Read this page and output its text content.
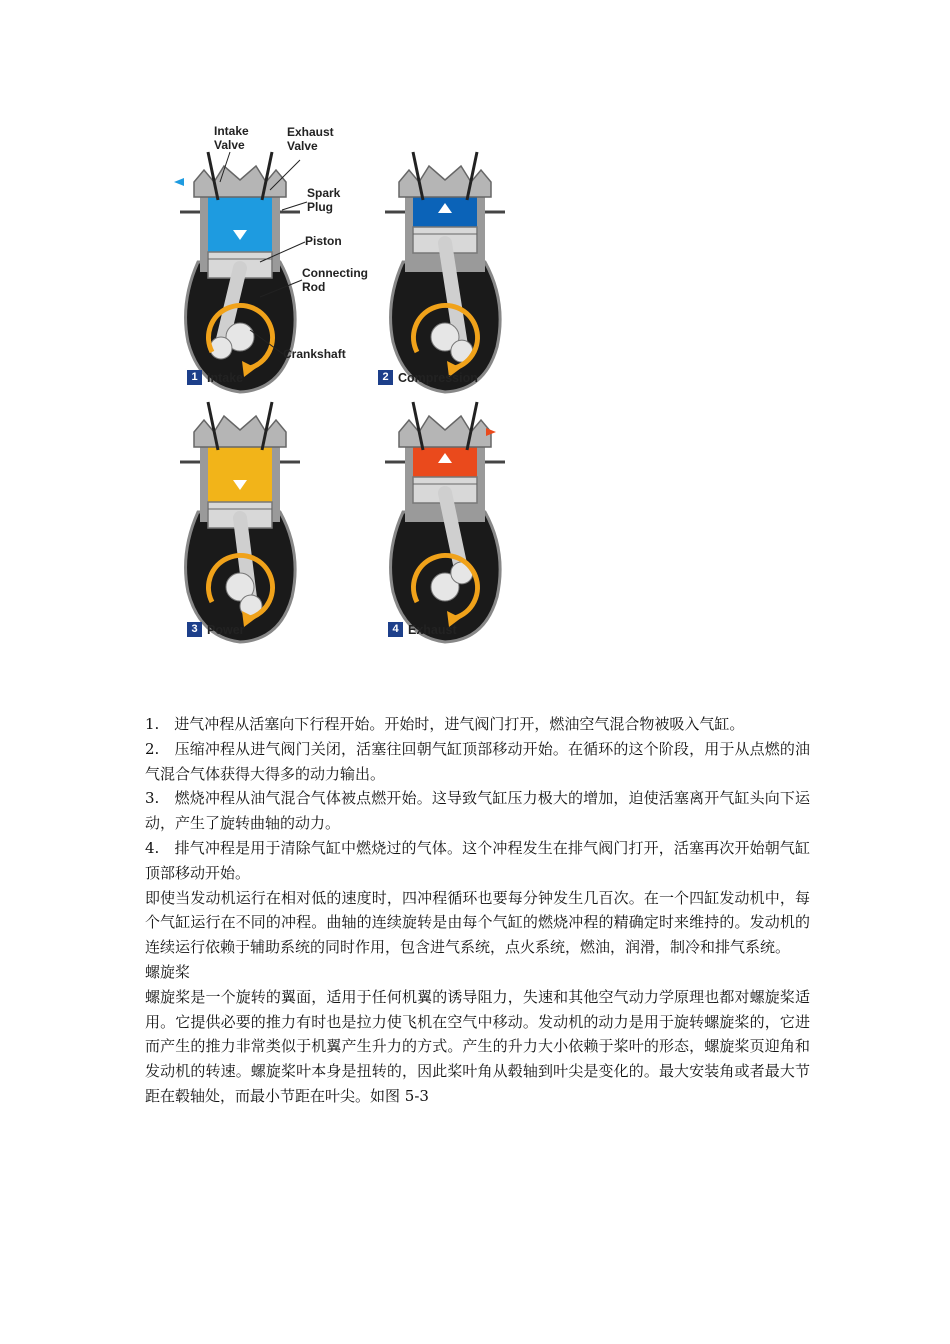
Intake
Valve
Exhaust
Valve
Spark
Plug
Piston
Connecting
Rod
Crankshaft
1 Intake	2 Compression
3 Power	4 Exhaust

1.　进气冲程从活塞向下行程开始。开始时，进气阀门打开，燃油空气混合物被吸入气缸。

2.　压缩冲程从进气阀门关闭，活塞往回朝气缸顶部移动开始。在循环的这个阶段，用于从点燃的油气混合气体获得大得多的动力输出。

3.　燃烧冲程从油气混合气体被点燃开始。这导致气缸压力极大的增加，迫使活塞离开气缸头向下运动，产生了旋转曲轴的动力。

4.　排气冲程是用于清除气缸中燃烧过的气体。这个冲程发生在排气阀门打开，活塞再次开始朝气缸顶部移动开始。

即使当发动机运行在相对低的速度时，四冲程循环也要每分钟发生几百次。在一个四缸发动机中，每个气缸运行在不同的冲程。曲轴的连续旋转是由每个气缸的燃烧冲程的精确定时来维持的。发动机的连续运行依赖于辅助系统的同时作用，包含进气系统，点火系统，燃油，润滑，制冷和排气系统。

螺旋桨

螺旋桨是一个旋转的翼面，适用于任何机翼的诱导阻力，失速和其他空气动力学原理也都对螺旋桨适用。它提供必要的推力有时也是拉力使飞机在空气中移动。发动机的动力是用于旋转螺旋桨的，它进而产生的推力非常类似于机翼产生升力的方式。产生的升力大小依赖于桨叶的形态，螺旋桨页迎角和发动机的转速。螺旋桨叶本身是扭转的，因此桨叶角从毂轴到叶尖是变化的。最大安装角或者最大节距在毂轴处，而最小节距在叶尖。如图 5-3
